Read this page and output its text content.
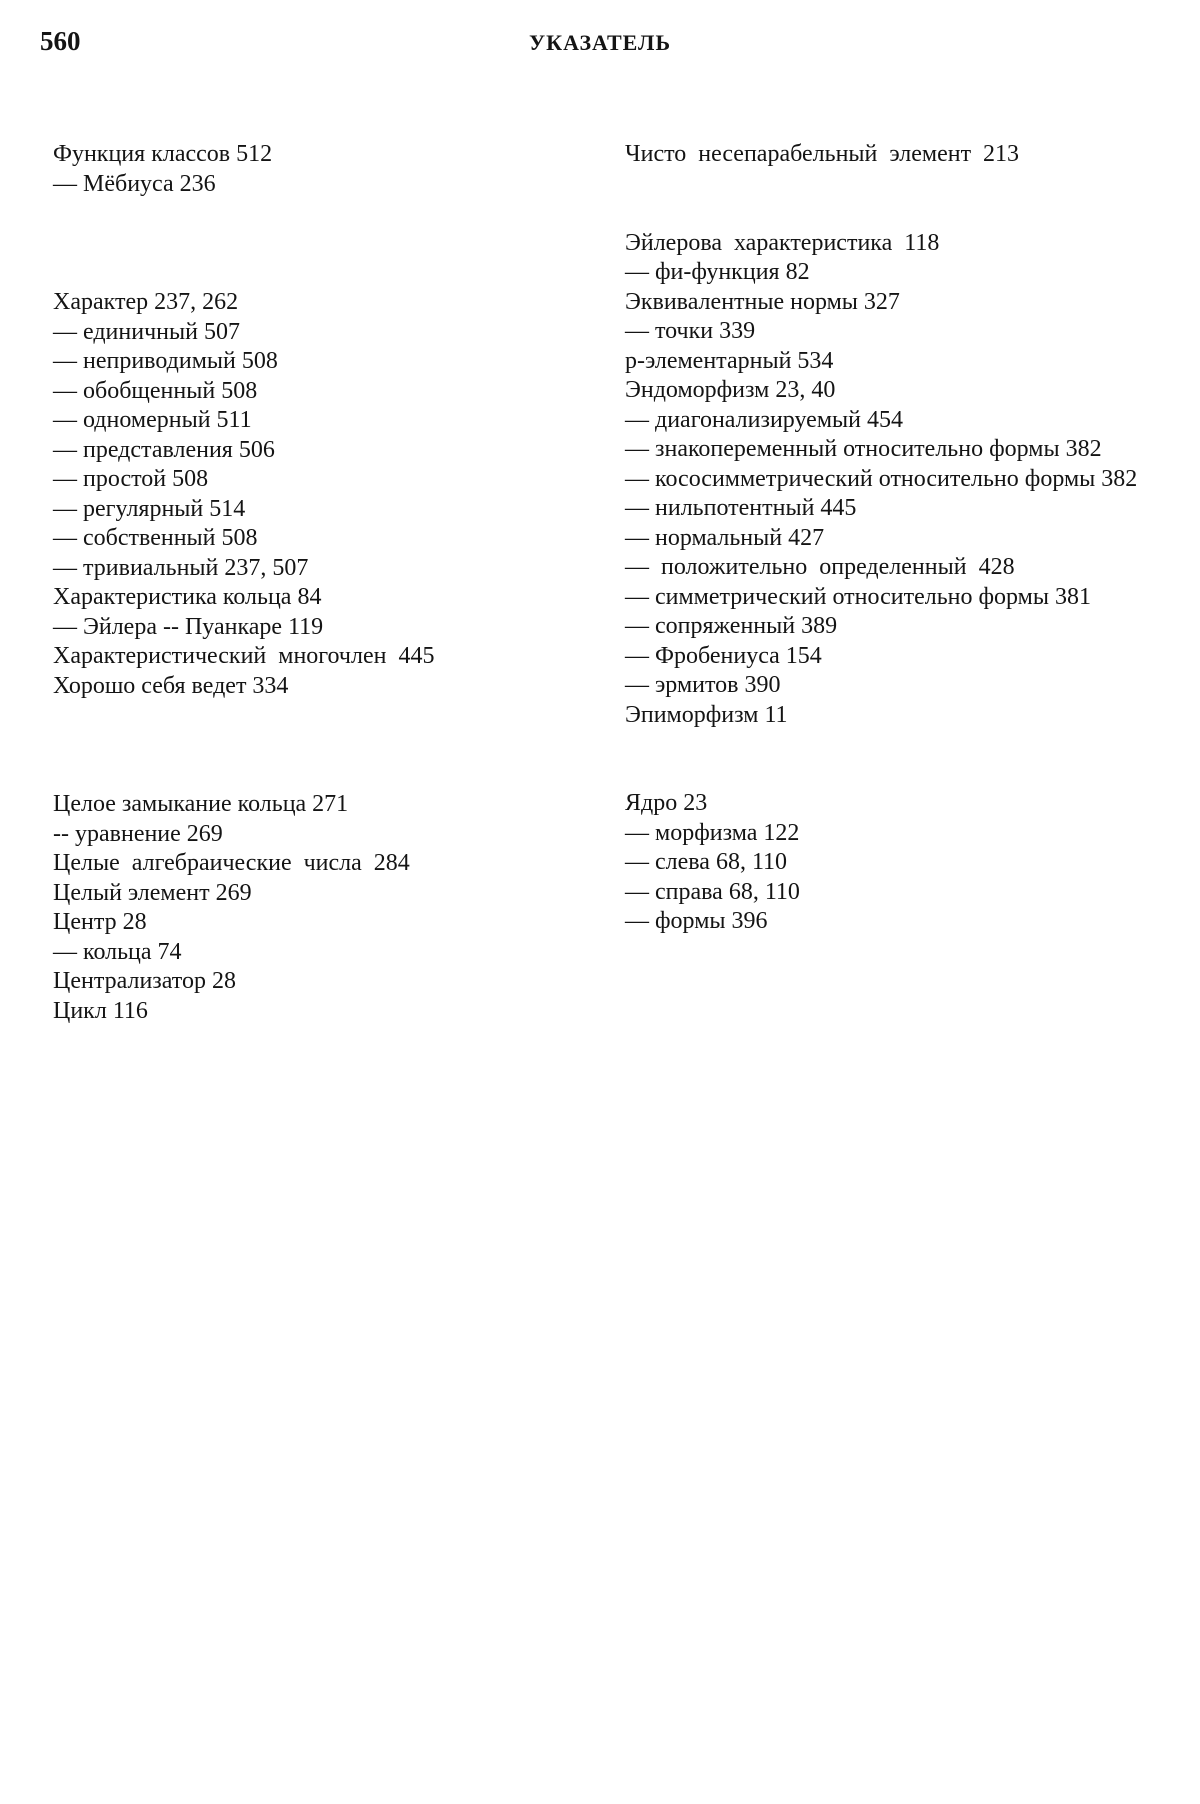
560	УКАЗАТЕЛЬ
Функция классов 512
— Мёбиуса 236
Характер 237, 262
— единичный 507
— неприводимый 508
— обобщенный 508
— одномерный 511
— представления 506
— простой 508
— регулярный 514
— собственный 508
— тривиальный 237, 507
Характеристика кольца 84
— Эйлера -- Пуанкаре 119
Характеристический многочлен 445
Хорошо себя ведет 334
Целое замыкание кольца 271
-- уравнение 269
Целые алгебраические числа 284
Целый элемент 269
Центр 28
— кольца 74
Централизатор 28
Цикл 116
Чисто несепарабельный элемент 213
Эйлерова характеристика 118
— фи-функция 82
Эквивалентные нормы 327
— точки 339
p-элементарный 534
Эндоморфизм 23, 40
— диагонализируемый 454
— знакопеременный относительно формы 382
— кососимметрический относительно формы 382
— нильпотентный 445
— нормальный 427
— положительно определенный 428
— симметрический относительно формы 381
— сопряженный 389
— Фробениуса 154
— эрмитов 390
Эпиморфизм 11
Ядро 23
— морфизма 122
— слева 68, 110
— справа 68, 110
— формы 396
